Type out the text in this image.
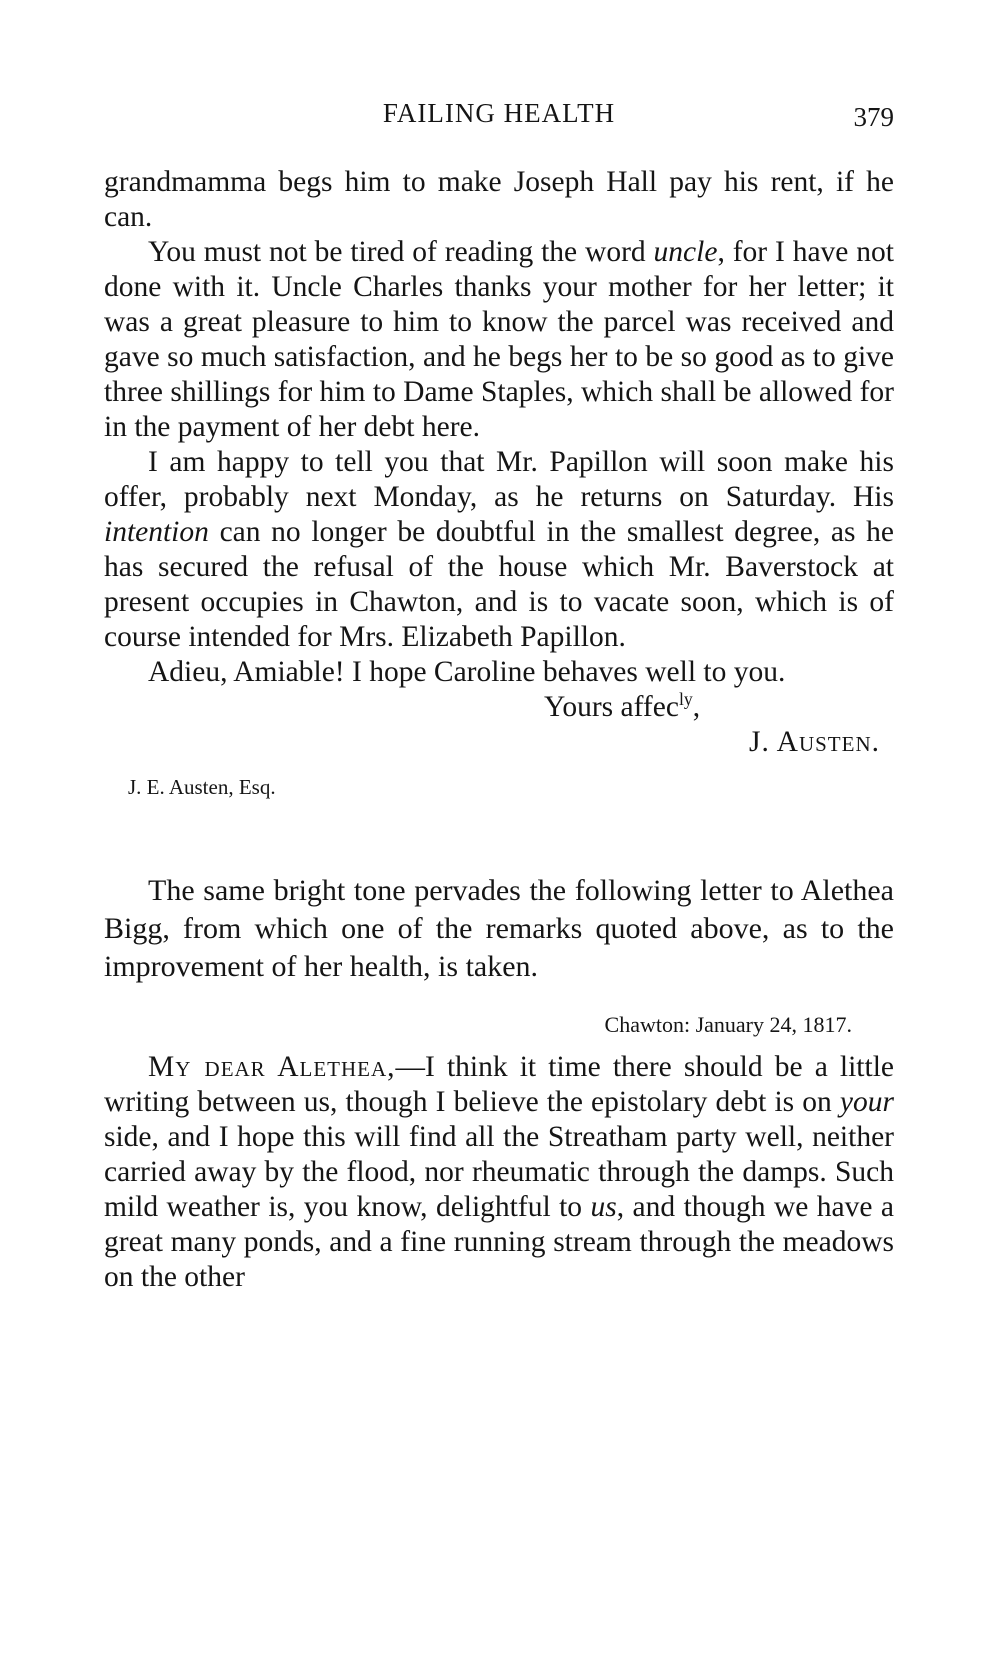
FAILING HEALTH	379

grandmamma begs him to make Joseph Hall pay his rent, if he can.

You must not be tired of reading the word uncle, for I have not done with it. Uncle Charles thanks your mother for her letter; it was a great pleasure to him to know the parcel was received and gave so much satisfaction, and he begs her to be so good as to give three shillings for him to Dame Staples, which shall be allowed for in the payment of her debt here.

I am happy to tell you that Mr. Papillon will soon make his offer, probably next Monday, as he returns on Saturday. His intention can no longer be doubtful in the smallest degree, as he has secured the refusal of the house which Mr. Baverstock at present occupies in Chawton, and is to vacate soon, which is of course intended for Mrs. Elizabeth Papillon.

Adieu, Amiable! I hope Caroline behaves well to you.

Yours affec$^{ly}$,

J. Austen.

J. E. Austen, Esq.

The same bright tone pervades the following letter to Alethea Bigg, from which one of the remarks quoted above, as to the improvement of her health, is taken.

Chawton: January 24, 1817.

My dear Alethea,—I think it time there should be a little writing between us, though I believe the epistolary debt is on your side, and I hope this will find all the Streatham party well, neither carried away by the flood, nor rheumatic through the damps. Such mild weather is, you know, delightful to us, and though we have a great many ponds, and a fine running stream through the meadows on the other
